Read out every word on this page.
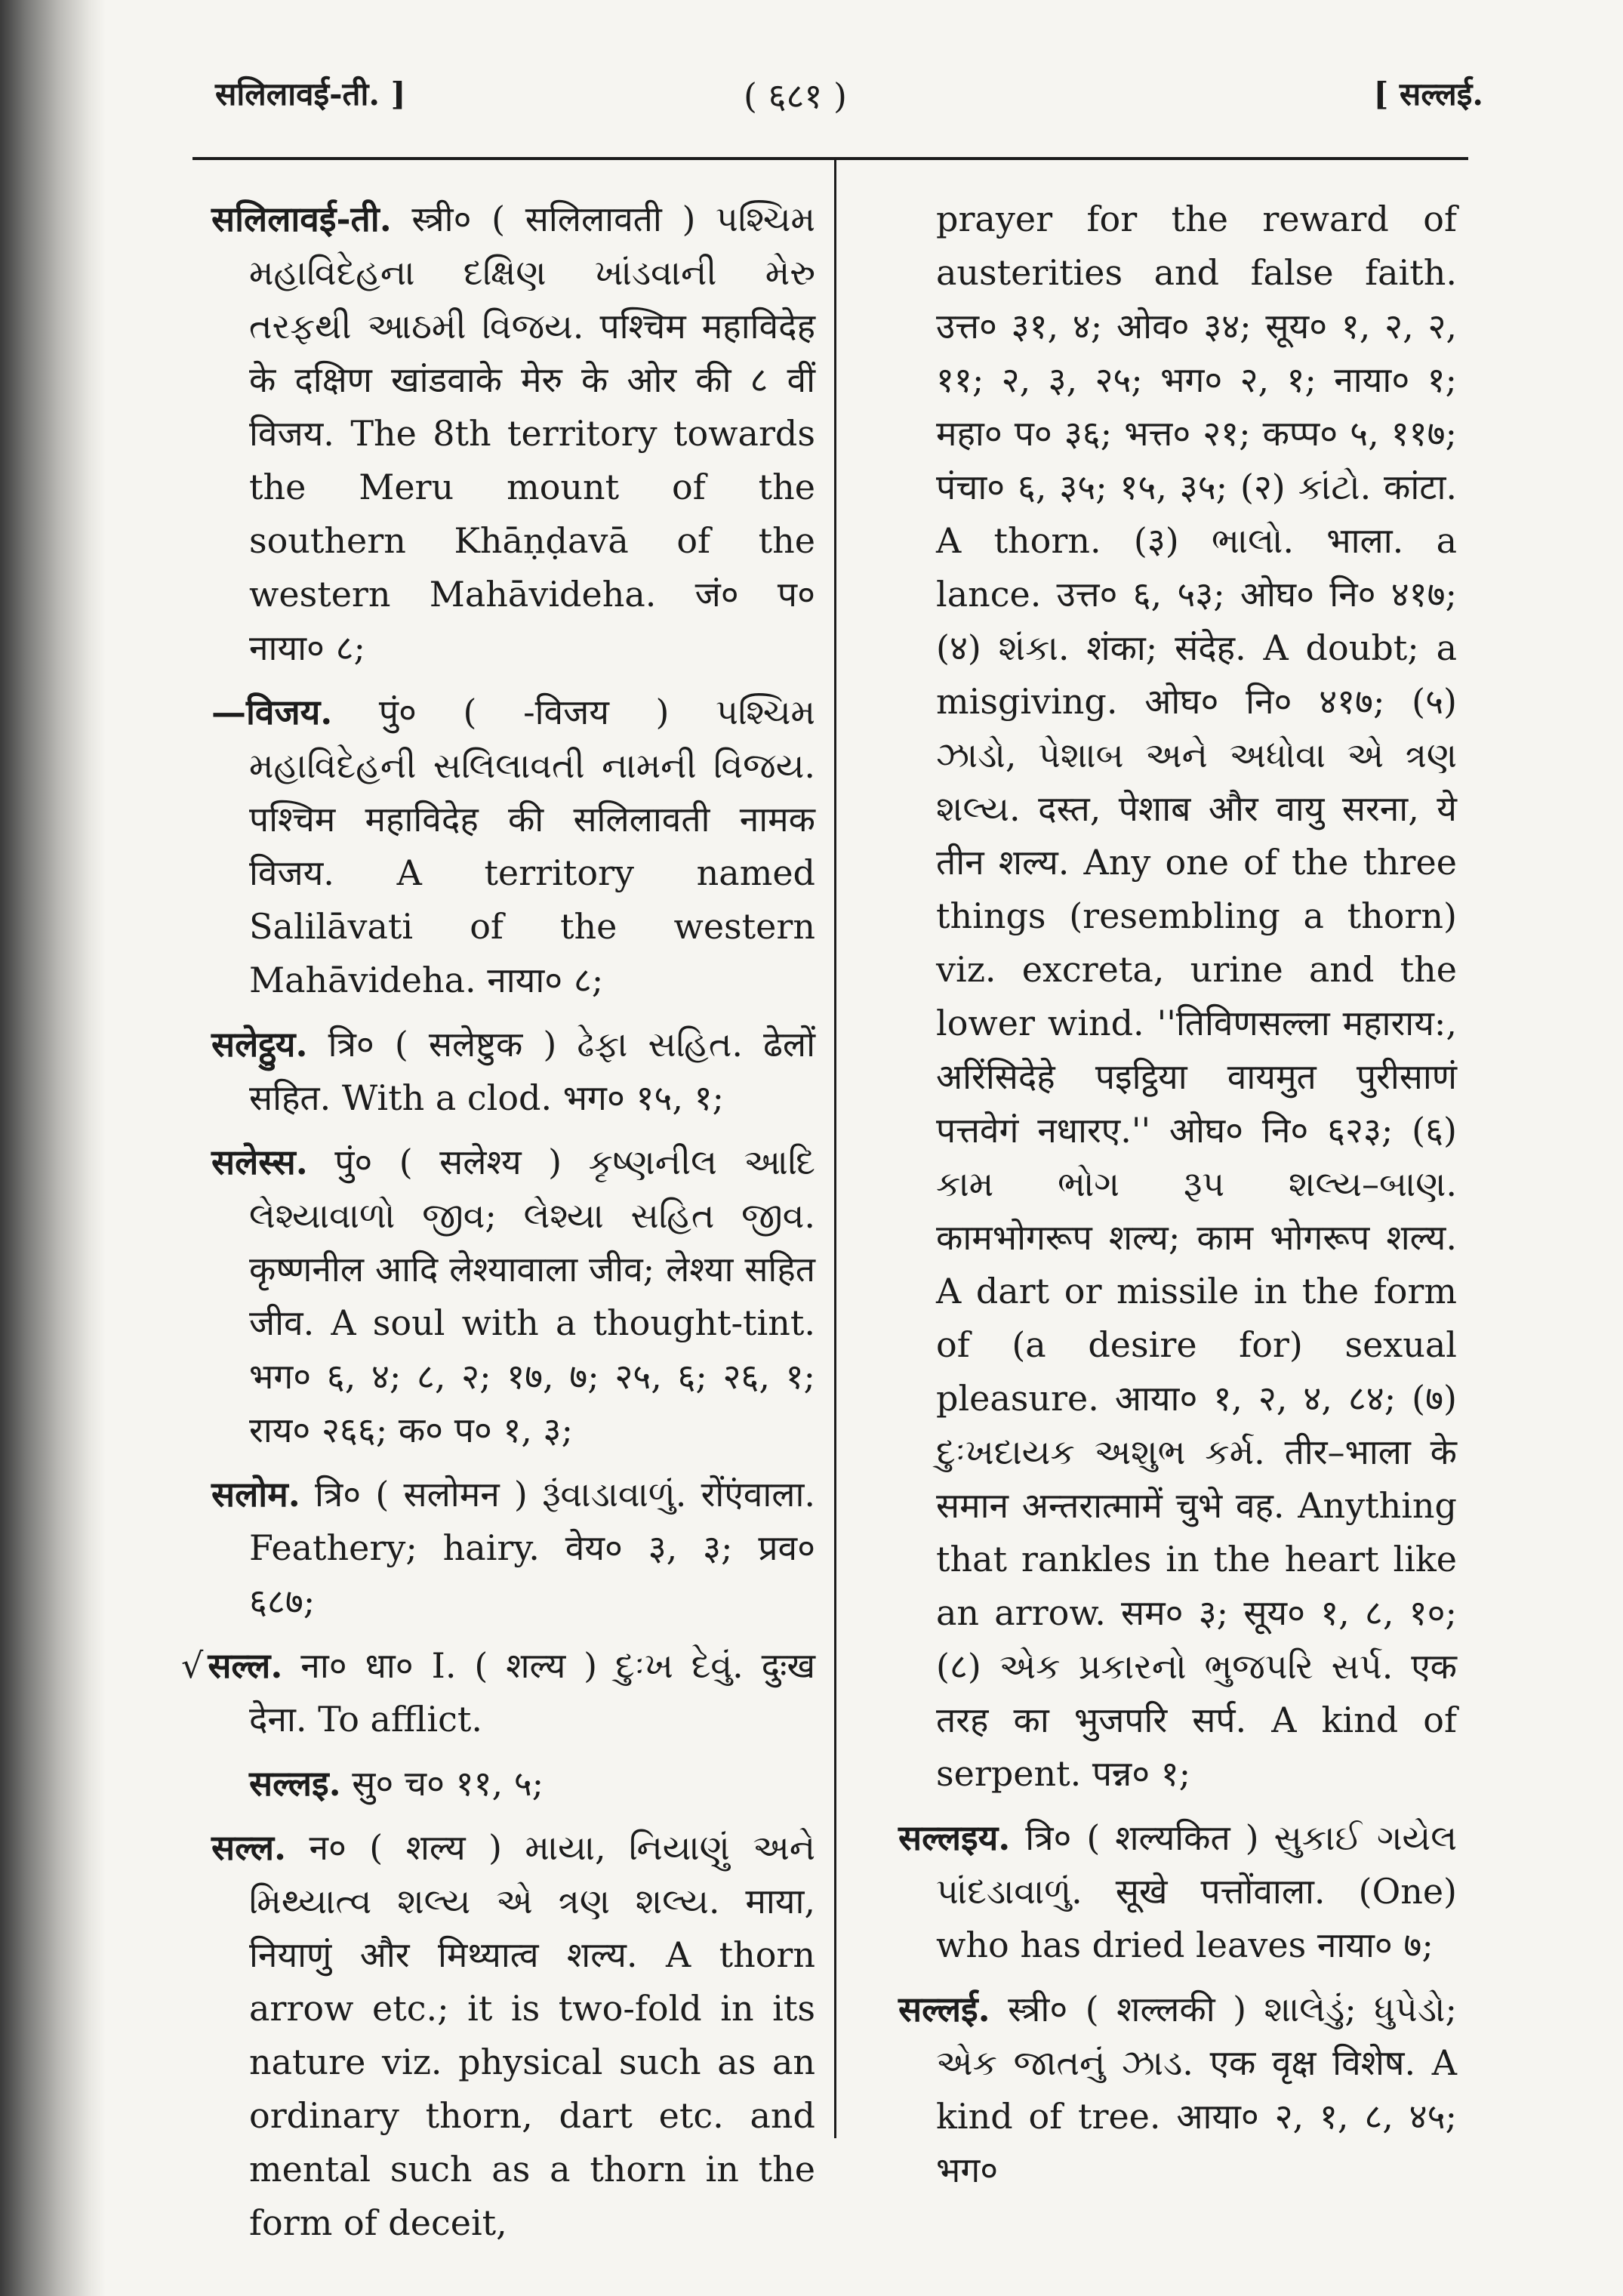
सलिलावई-ती. ]	( ६८१ )	[ सल्लई.

सलिलावई-ती. स्त्री० ( सलिलावती ) પશ્ચિમ મહાવિદેહના દક્ષિણ ખાંડવાની મેરુ તરફથી આઠમી વિજય. पश्चिम महाविदेह के दक्षिण खांडवाके मेरु के ओर की ८ वीं विजय. The 8th territory towards the Meru mount of the southern Khāṇḍavā of the western Mahāvideha. जं० प० नाया० ८;

—विजय. पुं० ( -विजय ) પશ્ચિમ મહાવિદેહની સલિલાવતી નામની વિજય. पश्चिम महाविदेह की सलिलावती नामक विजय. A territory named Salilāvati of the western Mahāvideha. नाया० ८;

सलेट्ठुय. त्रि० ( सलेष्टुक ) ઢેફા સહિત. ढेलों सहित. With a clod. भग० १५, १;

सलेस्स. पुं० ( सलेश्य ) કૃષ્ણનીલ આદિ લેશ્યાવાળો જીવ; લેશ્યા સહિત જીવ. कृष्णनील आदि लेश्यावाला जीव; लेश्या सहित जीव. A soul with a thought-tint. भग० ६, ४; ८, २; १७, ७; २५, ६; २६, १; राय० २६६; क० प० १, ३;

सलोम. त्रि० ( सलोमन ) રૂંવાડાવાળું. रोंएंवाला. Feathery; hairy. वेय० ३, ३; प्रव० ६८७;

√ सल्ल. ना० धा० I. ( शल्य ) દુઃખ દેવું. दुःख देना. To afflict.

सल्लइ. सु० च० ११, ५;

सल्ल. न० ( शल्य ) માયા, નિયાણું અને મિથ્યાત્વ શલ્ય એ ત્રણ શલ્ય. माया, नियाणुं और मिथ्यात्व शल्य. A thorn arrow etc.; it is two-fold in its nature viz. physical such as an ordinary thorn, dart etc. and mental such as a thorn in the form of deceit,

prayer for the reward of austerities and false faith. उत्त० ३१, ४; ओव० ३४; सूय० १, २, २, ११; २, ३, २५; भग० २, १; नाया० १; महा० प० ३६; भत्त० २१; कप्प० ५, ११७; पंचा० ६, ३५; १५, ३५; (२) કાંટો. कांटा. A thorn. (३) ભાલો. भाला. a lance. उत्त० ६, ५३; ओघ० नि० ४१७; (४) શંકા. शंका; संदेह. A doubt; a misgiving. ओघ० नि० ४१७; (५) ઝાડો, પેશાબ અને અધોવા એ ત્રણ શલ્ય. दस्त, पेशाब और वायु सरना, ये तीन शल्य. Any one of the three things (resembling a thorn) viz. excreta, urine and the lower wind. ''तिविणसल्ला महाराय:, अरिंसिदेहे पइट्ठिया वायमुत पुरीसाणं पत्तवेगं नधारए.'' ओघ० नि० ६२३; (६) કામ ભોગ રૂપ શલ્ય–બાણ. कामभोगरूप शल्य; काम भोगरूप शल्य. A dart or missile in the form of (a desire for) sexual pleasure. आया० १, २, ४, ८४; (७) દુઃખદાયક અશુભ કર્મ. तीर–भाला के समान अन्तरात्मामें चुभे वह. Anything that rankles in the heart like an arrow. सम० ३; सूय० १, ८, १०; (८) એક પ્રકારનો ભુજપરિ સર્પ. एक तरह का भुजपरि सर्प. A kind of serpent. पन्न० १;

सल्लइय. त्रि० ( शल्यकित ) સુકાઈ ગયેલ પાંદડાવાળું. सूखे पत्तोंवाला. (One) who has dried leaves नाया० ७;

सल्लई. स्त्री० ( शल्लकी ) શાલેડું; ધુપેડો; એક જાતનું ઝાડ. एक वृक्ष विशेष. A kind of tree. आया० २, १, ८, ४५; भग०
